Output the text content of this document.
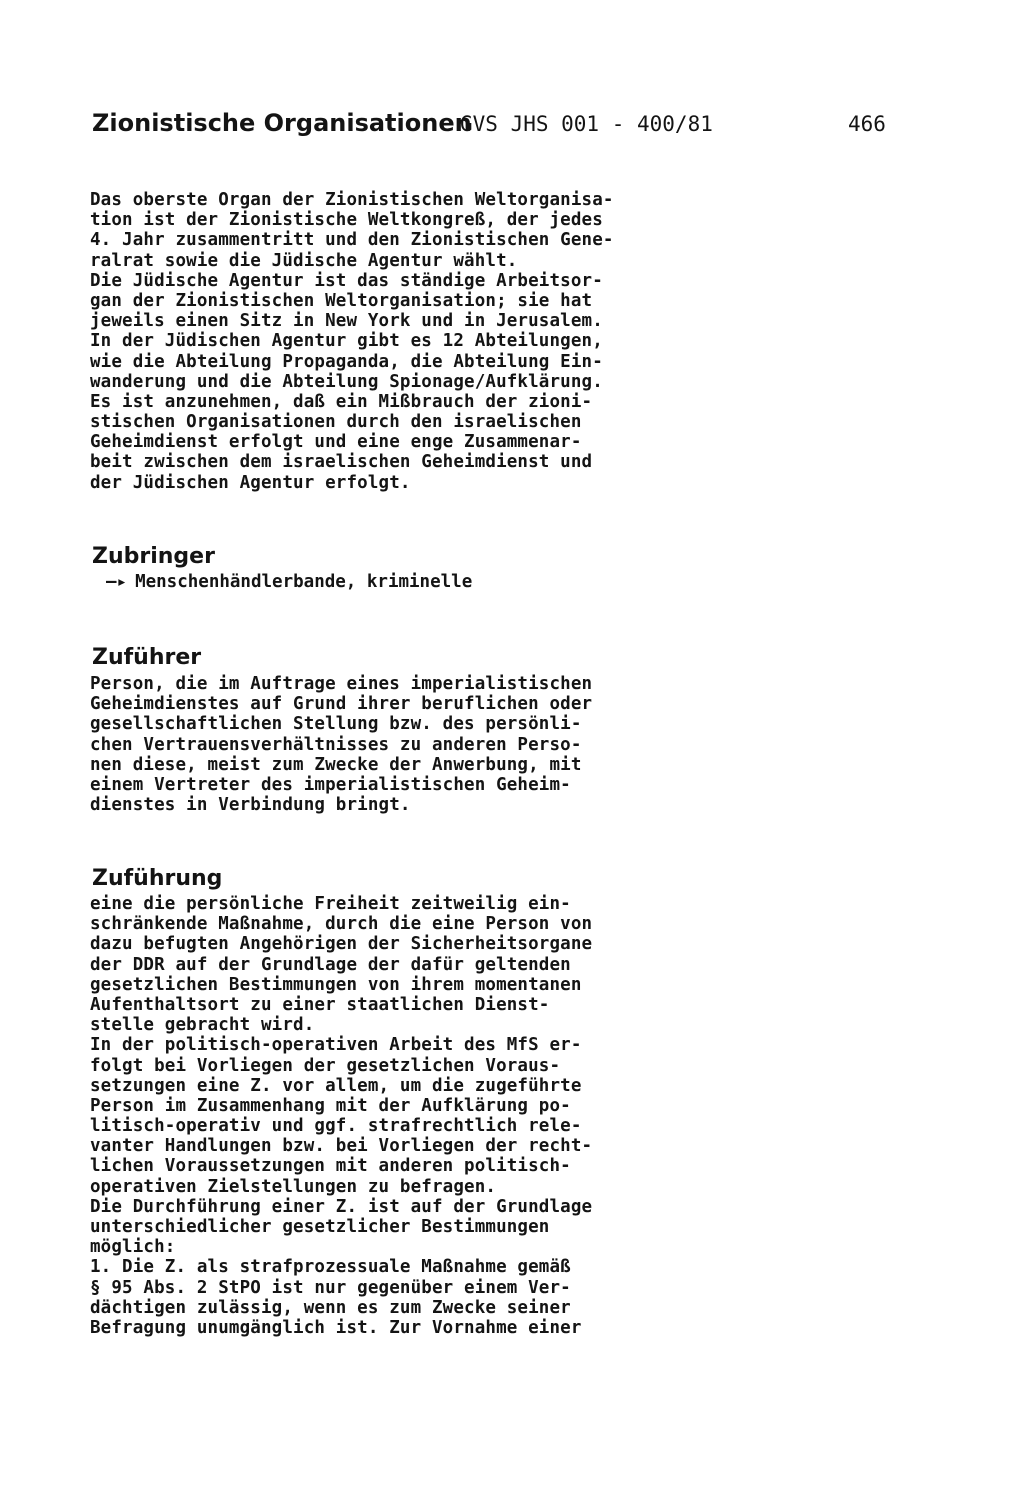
Zionistische Organisationen
GVS JHS 001 - 400/81	466
Das oberste Organ der Zionistischen Weltorganisa-
tion ist der Zionistische Weltkongreß, der jedes
4. Jahr zusammentritt und den Zionistischen Gene-
ralrat sowie die Jüdische Agentur wählt.
Die Jüdische Agentur ist das ständige Arbeitsor-
gan der Zionistischen Weltorganisation; sie hat
jeweils einen Sitz in New York und in Jerusalem.
In der Jüdischen Agentur gibt es 12 Abteilungen,
wie die Abteilung Propaganda, die Abteilung Ein-
wanderung und die Abteilung Spionage/Aufklärung.
Es ist anzunehmen, daß ein Mißbrauch der zioni-
stischen Organisationen durch den israelischen
Geheimdienst erfolgt und eine enge Zusammenar-
beit zwischen dem israelischen Geheimdienst und
der Jüdischen Agentur erfolgt.
Zubringer
—▸ Menschenhändlerbande, kriminelle
Zuführer
Person, die im Auftrage eines imperialistischen
Geheimdienstes auf Grund ihrer beruflichen oder
gesellschaftlichen Stellung bzw. des persönli-
chen Vertrauensverhältnisses zu anderen Perso-
nen diese, meist zum Zwecke der Anwerbung, mit
einem Vertreter des imperialistischen Geheim-
dienstes in Verbindung bringt.
Zuführung
eine die persönliche Freiheit zeitweilig ein-
schränkende Maßnahme, durch die eine Person von
dazu befugten Angehörigen der Sicherheitsorgane
der DDR auf der Grundlage der dafür geltenden
gesetzlichen Bestimmungen von ihrem momentanen
Aufenthaltsort zu einer staatlichen Dienst-
stelle gebracht wird.
In der politisch-operativen Arbeit des MfS er-
folgt bei Vorliegen der gesetzlichen Voraus-
setzungen eine Z. vor allem, um die zugeführte
Person im Zusammenhang mit der Aufklärung po-
litisch-operativ und ggf. strafrechtlich rele-
vanter Handlungen bzw. bei Vorliegen der recht-
lichen Voraussetzungen mit anderen politisch-
operativen Zielstellungen zu befragen.
Die Durchführung einer Z. ist auf der Grundlage
unterschiedlicher gesetzlicher Bestimmungen
möglich:
1. Die Z. als strafprozessuale Maßnahme gemäß
§ 95 Abs. 2 StPO ist nur gegenüber einem Ver-
dächtigen zulässig, wenn es zum Zwecke seiner
Befragung unumgänglich ist. Zur Vornahme einer
